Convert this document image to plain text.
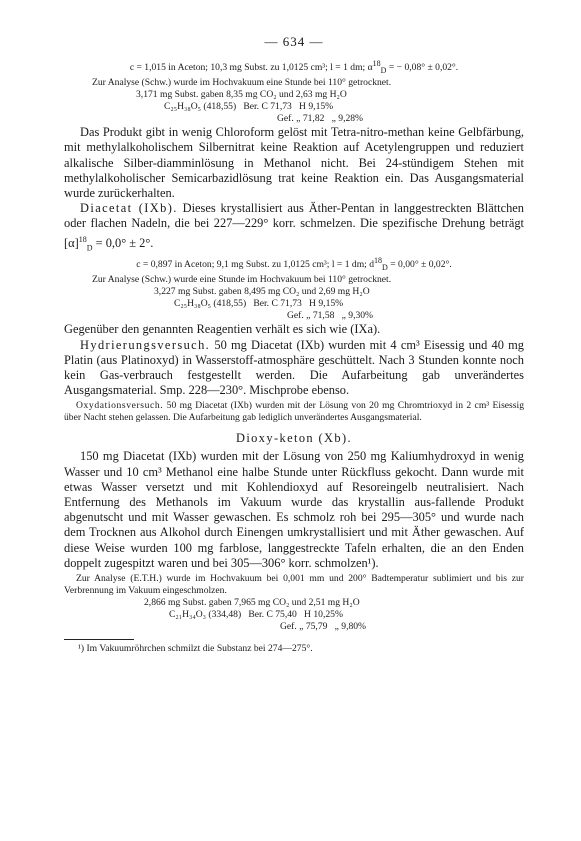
— 634 —

c = 1,015 in Aceton; 10,3 mg Subst. zu 1,0125 cm³; l = 1 dm; $\alpha^{18}_D$ = − 0,08° ± 0,02°.

Zur Analyse (Schw.) wurde im Hochvakuum eine Stunde bei 110° getrocknet.

3,171 mg Subst. gaben 8,35 mg CO₂ und 2,63 mg H₂O
C₂₅H₃₈O₅ (418,55)   Ber. C 71,73   H 9,15%
Gef. „ 71,82   „ 9,28%

Das Produkt gibt in wenig Chloroform gelöst mit Tetra-nitro-methan keine Gelbfärbung, mit methylalkoholischem Silbernitrat keine Reaktion auf Acetylengruppen und reduziert alkalische Silber-diamminlösung in Methanol nicht. Bei 24-stündigem Stehen mit methylalkoholischer Semicarbazidlösung trat keine Reaktion ein. Das Ausgangsmaterial wurde zurückerhalten.

Diacetat (IXb). Dieses krystallisiert aus Äther-Pentan in langgestreckten Blättchen oder flachen Nadeln, die bei 227—229° korr. schmelzen. Die spezifische Drehung beträgt $[\alpha]^{18}_D = 0,0^\circ \pm 2^\circ$.

c = 0,897 in Aceton; 9,1 mg Subst. zu 1,0125 cm³; l = 1 dm; $d^{18}_D = 0,00^\circ \pm 0,02^\circ$.

Zur Analyse (Schw.) wurde eine Stunde im Hochvakuum bei 110° getrocknet.

3,227 mg Subst. gaben 8,495 mg CO₂ und 2,69 mg H₂O
C₂₅H₃₈O₅ (418,55)   Ber. C 71,73   H 9,15%
Gef. „ 71,58   „ 9,30%

Gegenüber den genannten Reagentien verhält es sich wie (IXa).

Hydrierungsversuch. 50 mg Diacetat (IXb) wurden mit 4 cm³ Eisessig und 40 mg Platin (aus Platinoxyd) in Wasserstoff-atmosphäre geschüttelt. Nach 3 Stunden konnte noch kein Gas-verbrauch festgestellt werden. Die Aufarbeitung gab unverändertes Ausgangsmaterial. Smp. 228—230°. Mischprobe ebenso.

Oxydationsversuch. 50 mg Diacetat (IXb) wurden mit der Lösung von 20 mg Chromtrioxyd in 2 cm³ Eisessig über Nacht stehen gelassen. Die Aufarbeitung gab lediglich unverändertes Ausgangsmaterial.

Dioxy-keton (Xb).

150 mg Diacetat (IXb) wurden mit der Lösung von 250 mg Kaliumhydroxyd in wenig Wasser und 10 cm³ Methanol eine halbe Stunde unter Rückfluss gekocht. Dann wurde mit etwas Wasser versetzt und mit Kohlendioxyd auf Resoreingelb neutralisiert. Nach Entfernung des Methanols im Vakuum wurde das krystallin aus-fallende Produkt abgenutscht und mit Wasser gewaschen. Es schmolz roh bei 295—305° und wurde nach dem Trocknen aus Alkohol durch Einengen umkrystallisiert und mit Äther gewaschen. Auf diese Weise wurden 100 mg farblose, langgestreckte Tafeln erhalten, die an den Enden doppelt zugespitzt waren und bei 305—306° korr. schmolzen¹).

Zur Analyse (E.T.H.) wurde im Hochvakuum bei 0,001 mm und 200° Badtemperatur sublimiert und bis zur Verbrennung im Vakuum eingeschmolzen.

2,866 mg Subst. gaben 7,965 mg CO₂ und 2,51 mg H₂O
C₂₁H₃₄O₃ (334,48)   Ber. C 75,40   H 10,25%
Gef. „ 75,79   „ 9,80%

¹) Im Vakuumröhrchen schmilzt die Substanz bei 274—275°.
